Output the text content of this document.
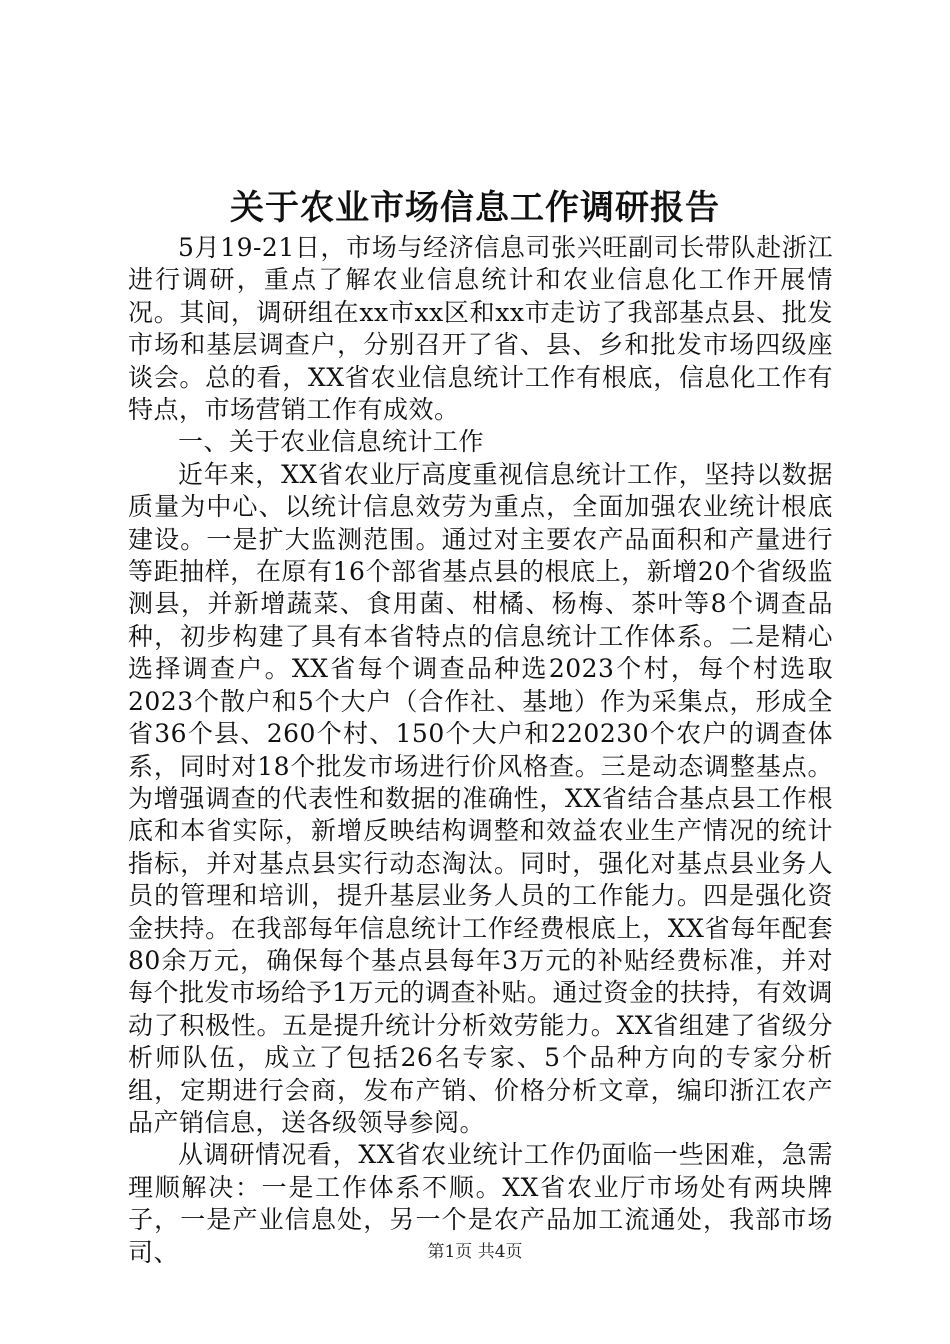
关于农业市场信息工作调研报告

5月19-21日，市场与经济信息司张兴旺副司长带队赴浙江进行调研，重点了解农业信息统计和农业信息化工作开展情况。其间，调研组在xx市xx区和xx市走访了我部基点县、批发市场和基层调查户，分别召开了省、县、乡和批发市场四级座谈会。总的看，XX省农业信息统计工作有根底，信息化工作有特点，市场营销工作有成效。

一、关于农业信息统计工作

近年来，XX省农业厅高度重视信息统计工作，坚持以数据质量为中心、以统计信息效劳为重点，全面加强农业统计根底建设。一是扩大监测范围。通过对主要农产品面积和产量进行等距抽样，在原有16个部省基点县的根底上，新增20个省级监测县，并新增蔬菜、食用菌、柑橘、杨梅、茶叶等8个调查品种，初步构建了具有本省特点的信息统计工作体系。二是精心选择调查户。XX省每个调查品种选2023个村，每个村选取2023个散户和5个大户（合作社、基地）作为采集点，形成全省36个县、260个村、150个大户和220230个农户的调查体系，同时对18个批发市场进行价风格查。三是动态调整基点。为增强调查的代表性和数据的准确性，XX省结合基点县工作根底和本省实际，新增反映结构调整和效益农业生产情况的统计指标，并对基点县实行动态淘汰。同时，强化对基点县业务人员的管理和培训，提升基层业务人员的工作能力。四是强化资金扶持。在我部每年信息统计工作经费根底上，XX省每年配套80余万元，确保每个基点县每年3万元的补贴经费标准，并对每个批发市场给予1万元的调查补贴。通过资金的扶持，有效调动了积极性。五是提升统计分析效劳能力。XX省组建了省级分析师队伍，成立了包括26名专家、5个品种方向的专家分析组，定期进行会商，发布产销、价格分析文章，编印浙江农产品产销信息，送各级领导参阅。

从调研情况看，XX省农业统计工作仍面临一些困难，急需理顺解决：一是工作体系不顺。XX省农业厅市场处有两块牌子，一是产业信息处，另一个是农产品加工流通处，我部市场司、	第1页 共4页
